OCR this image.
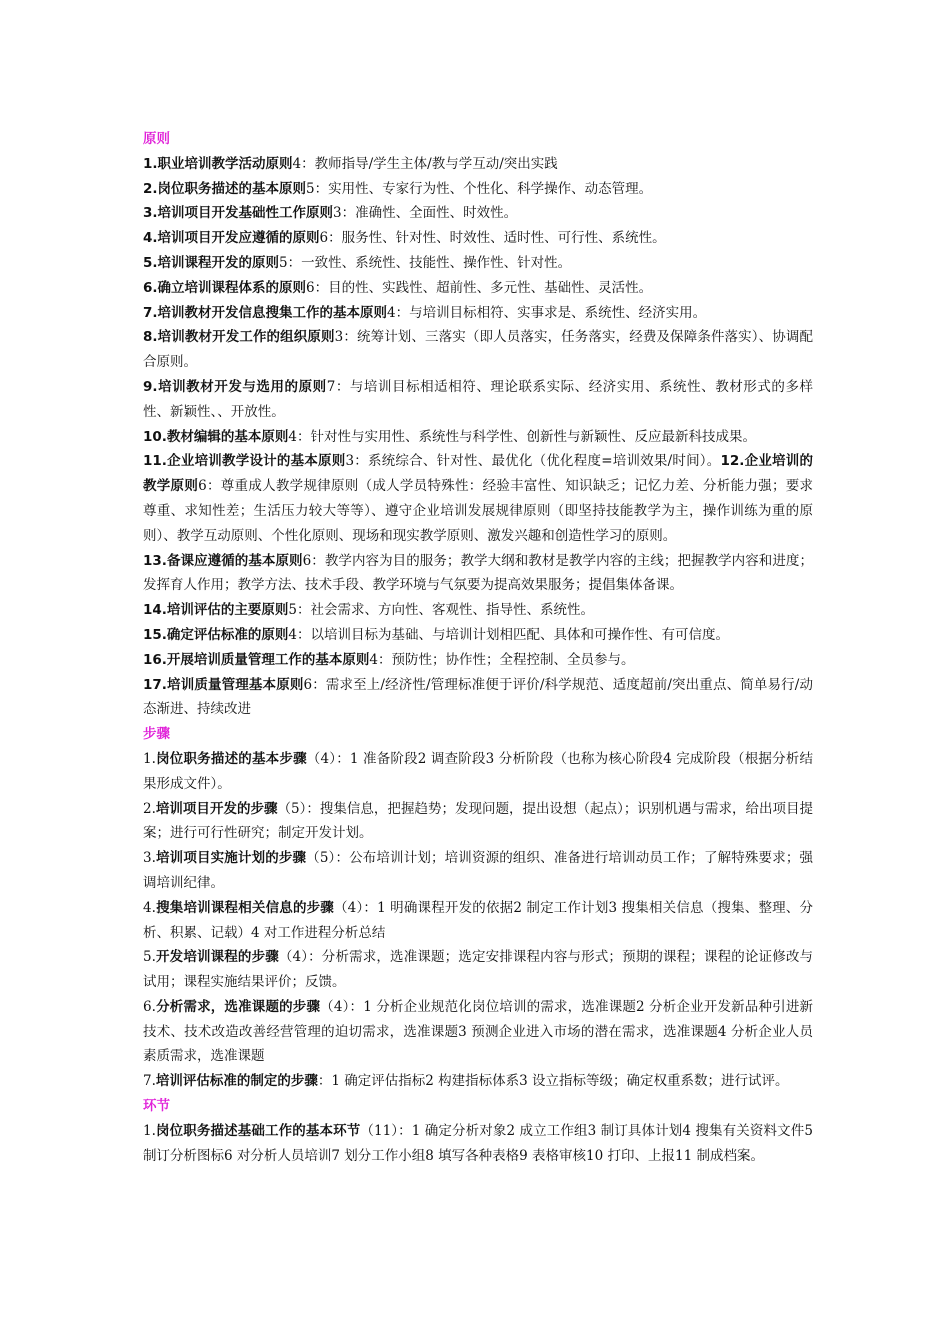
原则

1.职业培训教学活动原则4：教师指导/学生主体/教与学互动/突出实践

2.岗位职务描述的基本原则5：实用性、专家行为性、个性化、科学操作、动态管理。

3.培训项目开发基础性工作原则3：准确性、全面性、时效性。

4.培训项目开发应遵循的原则6：服务性、针对性、时效性、适时性、可行性、系统性。

5.培训课程开发的原则5：一致性、系统性、技能性、操作性、针对性。

6.确立培训课程体系的原则6：目的性、实践性、超前性、多元性、基础性、灵活性。

7.培训教材开发信息搜集工作的基本原则4：与培训目标相符、实事求是、系统性、经济实用。

8.培训教材开发工作的组织原则3：统筹计划、三落实（即人员落实，任务落实，经费及保障条件落实）、协调配合原则。

9.培训教材开发与选用的原则7：与培训目标相适相符、理论联系实际、经济实用、系统性、教材形式的多样性、新颖性、、开放性。

10.教材编辑的基本原则4：针对性与实用性、系统性与科学性、创新性与新颖性、反应最新科技成果。

11.企业培训教学设计的基本原则3：系统综合、针对性、最优化（优化程度=培训效果/时间）。12.企业培训的教学原则6：尊重成人教学规律原则（成人学员特殊性：经验丰富性、知识缺乏；记忆力差、分析能力强；要求尊重、求知性差；生活压力较大等等）、遵守企业培训发展规律原则（即坚持技能教学为主，操作训练为重的原则）、教学互动原则、个性化原则、现场和现实教学原则、激发兴趣和创造性学习的原则。

13.备课应遵循的基本原则6：教学内容为目的服务；教学大纲和教材是教学内容的主线；把握教学内容和进度；发挥育人作用；教学方法、技术手段、教学环境与气氛要为提高效果服务；提倡集体备课。

14.培训评估的主要原则5：社会需求、方向性、客观性、指导性、系统性。

15.确定评估标准的原则4：以培训目标为基础、与培训计划相匹配、具体和可操作性、有可信度。

16.开展培训质量管理工作的基本原则4：预防性；协作性；全程控制、全员参与。

17.培训质量管理基本原则6：需求至上/经济性/管理标准便于评价/科学规范、适度超前/突出重点、简单易行/动态渐进、持续改进

步骤

1.岗位职务描述的基本步骤（4）：1 准备阶段2 调查阶段3 分析阶段（也称为核心阶段4 完成阶段（根据分析结果形成文件）。

2.培训项目开发的步骤（5）：搜集信息，把握趋势；发现问题，提出设想（起点）；识别机遇与需求，给出项目提案；进行可行性研究；制定开发计划。

3.培训项目实施计划的步骤（5）：公布培训计划；培训资源的组织、准备进行培训动员工作；了解特殊要求；强调培训纪律。

4.搜集培训课程相关信息的步骤（4）：1 明确课程开发的依据2 制定工作计划3 搜集相关信息（搜集、整理、分析、积累、记载）4 对工作进程分析总结

5.开发培训课程的步骤（4）：分析需求，选准课题；选定安排课程内容与形式；预期的课程；课程的论证修改与试用；课程实施结果评价；反馈。

6.分析需求，选准课题的步骤（4）：1 分析企业规范化岗位培训的需求，选准课题2 分析企业开发新品种引进新技术、技术改造改善经营管理的迫切需求，选准课题3 预测企业进入市场的潜在需求，选准课题4 分析企业人员素质需求，选准课题

7.培训评估标准的制定的步骤：1 确定评估指标2 构建指标体系3 设立指标等级；确定权重系数；进行试评。

环节

1.岗位职务描述基础工作的基本环节（11）：1 确定分析对象2 成立工作组3 制订具体计划4 搜集有关资料文件5 制订分析图标6 对分析人员培训7 划分工作小组8 填写各种表格9 表格审核10 打印、上报11 制成档案。
